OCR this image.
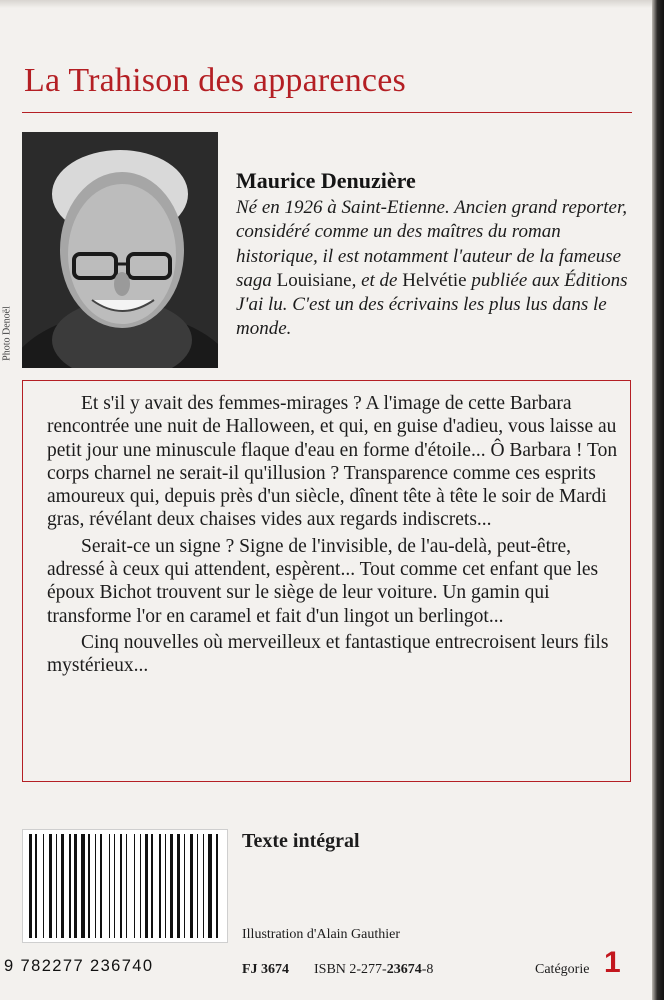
La Trahison des apparences
Photo Denoël
Maurice Denuzière
Né en 1926 à Saint-Etienne. Ancien grand reporter, considéré comme un des maîtres du roman historique, il est notamment l'auteur de la fameuse saga Louisiane, et de Helvétie publiée aux Éditions J'ai lu. C'est un des écrivains les plus lus dans le monde.

Et s'il y avait des femmes-mirages ? A l'image de cette Barbara rencontrée une nuit de Halloween, et qui, en guise d'adieu, vous laisse au petit jour une minuscule flaque d'eau en forme d'étoile... Ô Barbara ! Ton corps charnel ne serait-il qu'illusion ? Transparence comme ces esprits amoureux qui, depuis près d'un siècle, dînent tête à tête le soir de Mardi gras, révélant deux chaises vides aux regards indiscrets...

Serait-ce un signe ? Signe de l'invisible, de l'au-delà, peut-être, adressé à ceux qui attendent, espèrent... Tout comme cet enfant que les époux Bichot trouvent sur le siège de leur voiture. Un gamin qui transforme l'or en caramel et fait d'un lingot un berlingot...

Cinq nouvelles où merveilleux et fantastique entrecroisent leurs fils mystérieux...

9 782277 236740
Texte intégral
Illustration d'Alain Gauthier
FJ 3674 ISBN 2-277-23674-8	Catégorie 1
